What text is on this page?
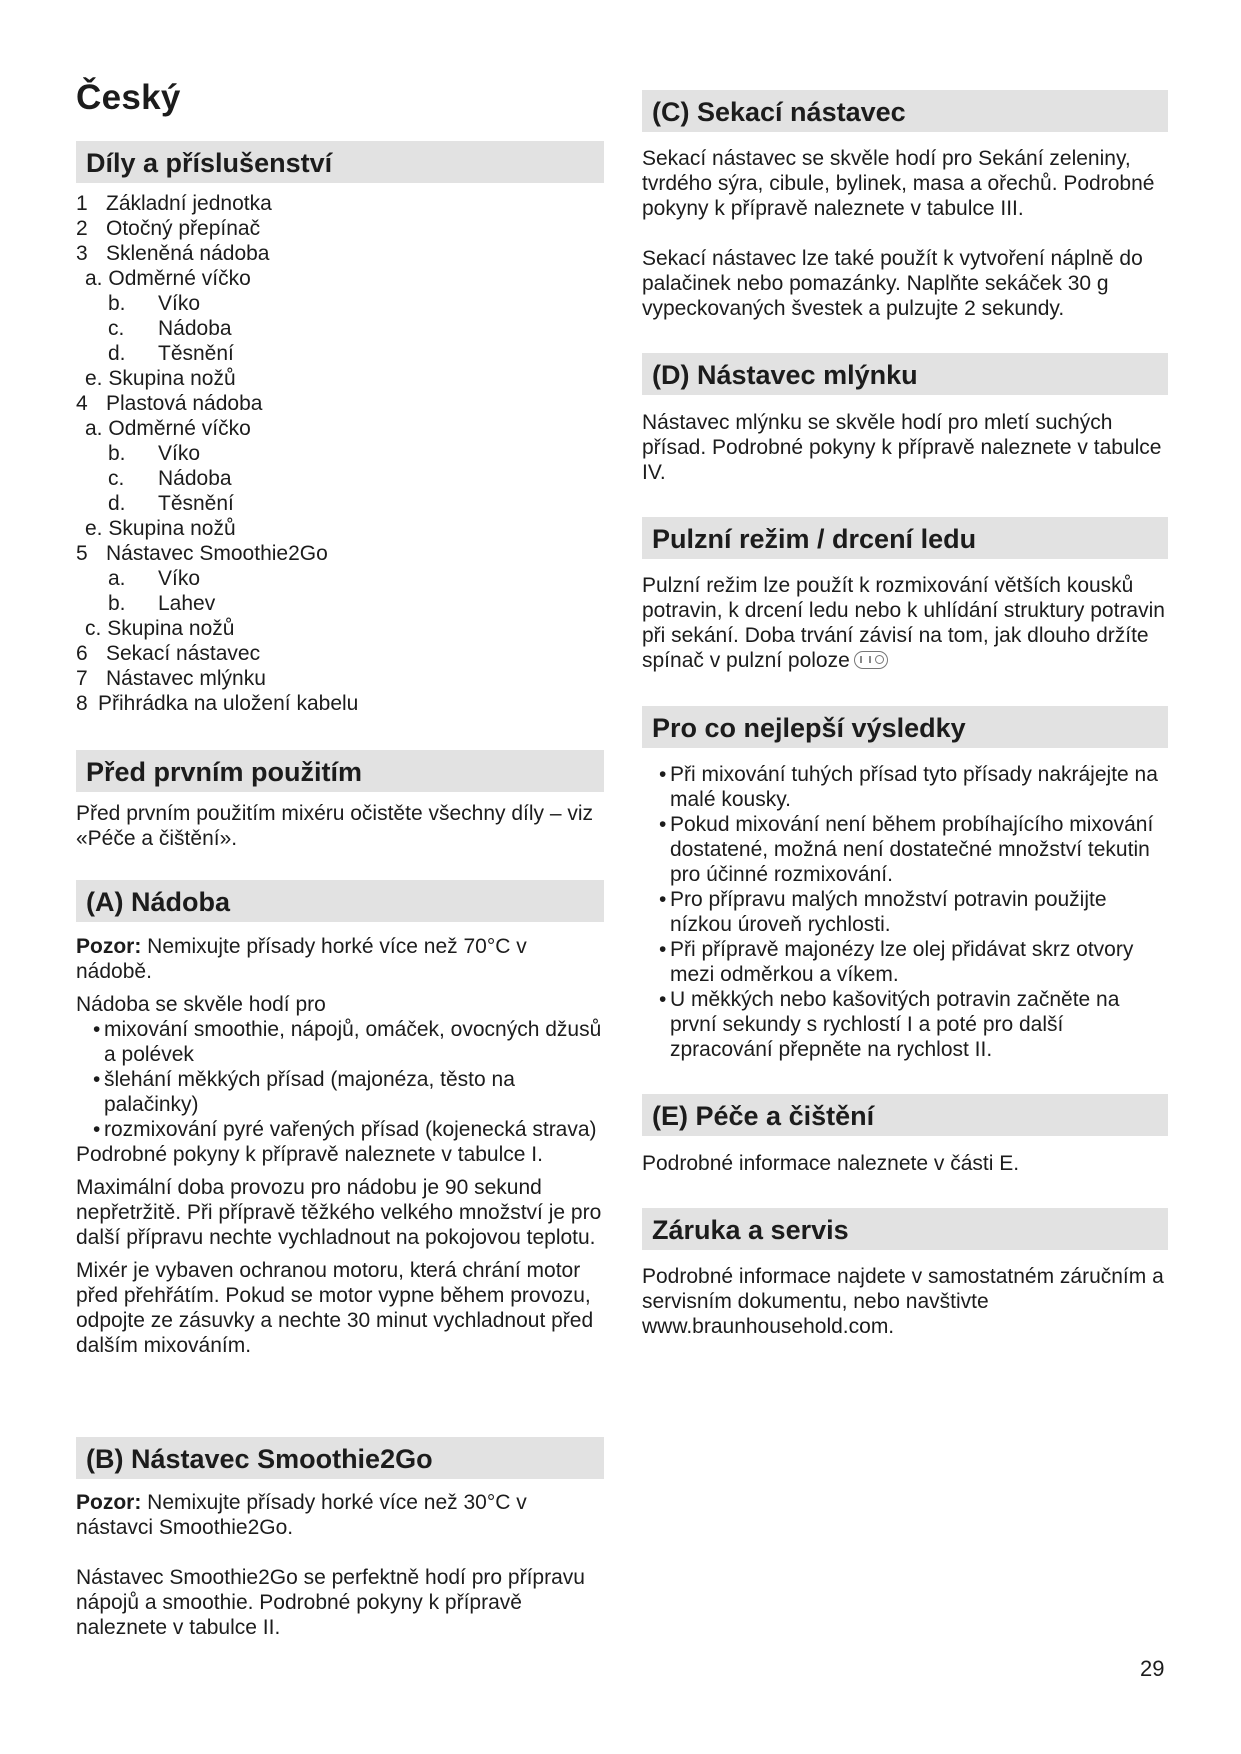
Český
Díly a příslušenství
1 Základní jednotka
2 Otočný přepínač
3 Skleněná nádoba
a. Odměrné víčko
b. Víko
c. Nádoba
d. Těsnění
e. Skupina nožů
4 Plastová nádoba
a. Odměrné víčko
b. Víko
c. Nádoba
d. Těsnění
e. Skupina nožů
5 Nástavec Smoothie2Go
a. Víko
b. Lahev
c. Skupina nožů
6 Sekací nástavec
7 Nástavec mlýnku
8 Přihrádka na uložení kabelu
Před prvním použitím

Před prvním použitím mixéru očistěte všechny díly – viz «Péče a čištění».

(A) Nádoba

Pozor: Nemixujte přísady horké více než 70°C v nádobě.

Nádoba se skvěle hodí pro

• mixování smoothie, nápojů, omáček, ovocných džusů a polévek
• šlehání měkkých přísad (majonéza, těsto na palačinky)
• rozmixování pyré vařených přísad (kojenecká strava)

Podrobné pokyny k přípravě naleznete v tabulce I.

Maximální doba provozu pro nádobu je 90 sekund nepřetržitě. Při přípravě těžkého velkého množství je pro další přípravu nechte vychladnout na pokojovou teplotu.

Mixér je vybaven ochranou motoru, která chrání motor před přehřátím. Pokud se motor vypne během provozu, odpojte ze zásuvky a nechte 30 minut vychladnout před dalším mixováním.

(B) Nástavec Smoothie2Go

Pozor: Nemixujte přísady horké více než 30°C v nástavci Smoothie2Go.

Nástavec Smoothie2Go se perfektně hodí pro přípravu nápojů a smoothie. Podrobné pokyny k přípravě naleznete v tabulce II.

(C) Sekací nástavec

Sekací nástavec se skvěle hodí pro Sekání zeleniny, tvrdého sýra, cibule, bylinek, masa a ořechů. Podrobné pokyny k přípravě naleznete v tabulce III.

Sekací nástavec lze také použít k vytvoření náplně do palačinek nebo pomazánky. Naplňte sekáček 30 g vypeckovaných švestek a pulzujte 2 sekundy.

(D) Nástavec mlýnku

Nástavec mlýnku se skvěle hodí pro mletí suchých přísad. Podrobné pokyny k přípravě naleznete v tabulce IV.

Pulzní režim / drcení ledu

Pulzní režim lze použít k rozmixování větších kousků potravin, k drcení ledu nebo k uhlídání struktury potravin při sekání. Doba trvání závisí na tom, jak dlouho držíte spínač v pulzní poloze

Pro co nejlepší výsledky
• Při mixování tuhých přísad tyto přísady nakrájejte na malé kousky.
• Pokud mixování není během probíhajícího mixování dostatené, možná není dostatečné množství tekutin pro účinné rozmixování.
• Pro přípravu malých množství potravin použijte nízkou úroveň rychlosti.
• Při přípravě majonézy lze olej přidávat skrz otvory mezi odměrkou a víkem.
• U měkkých nebo kašovitých potravin začněte na první sekundy s rychlostí I a poté pro další zpracování přepněte na rychlost II.
(E) Péče a čištění

Podrobné informace naleznete v části E.

Záruka a servis

Podrobné informace najdete v samostatném záručním a servisním dokumentu, nebo navštivte www.braunhousehold.com.

29
